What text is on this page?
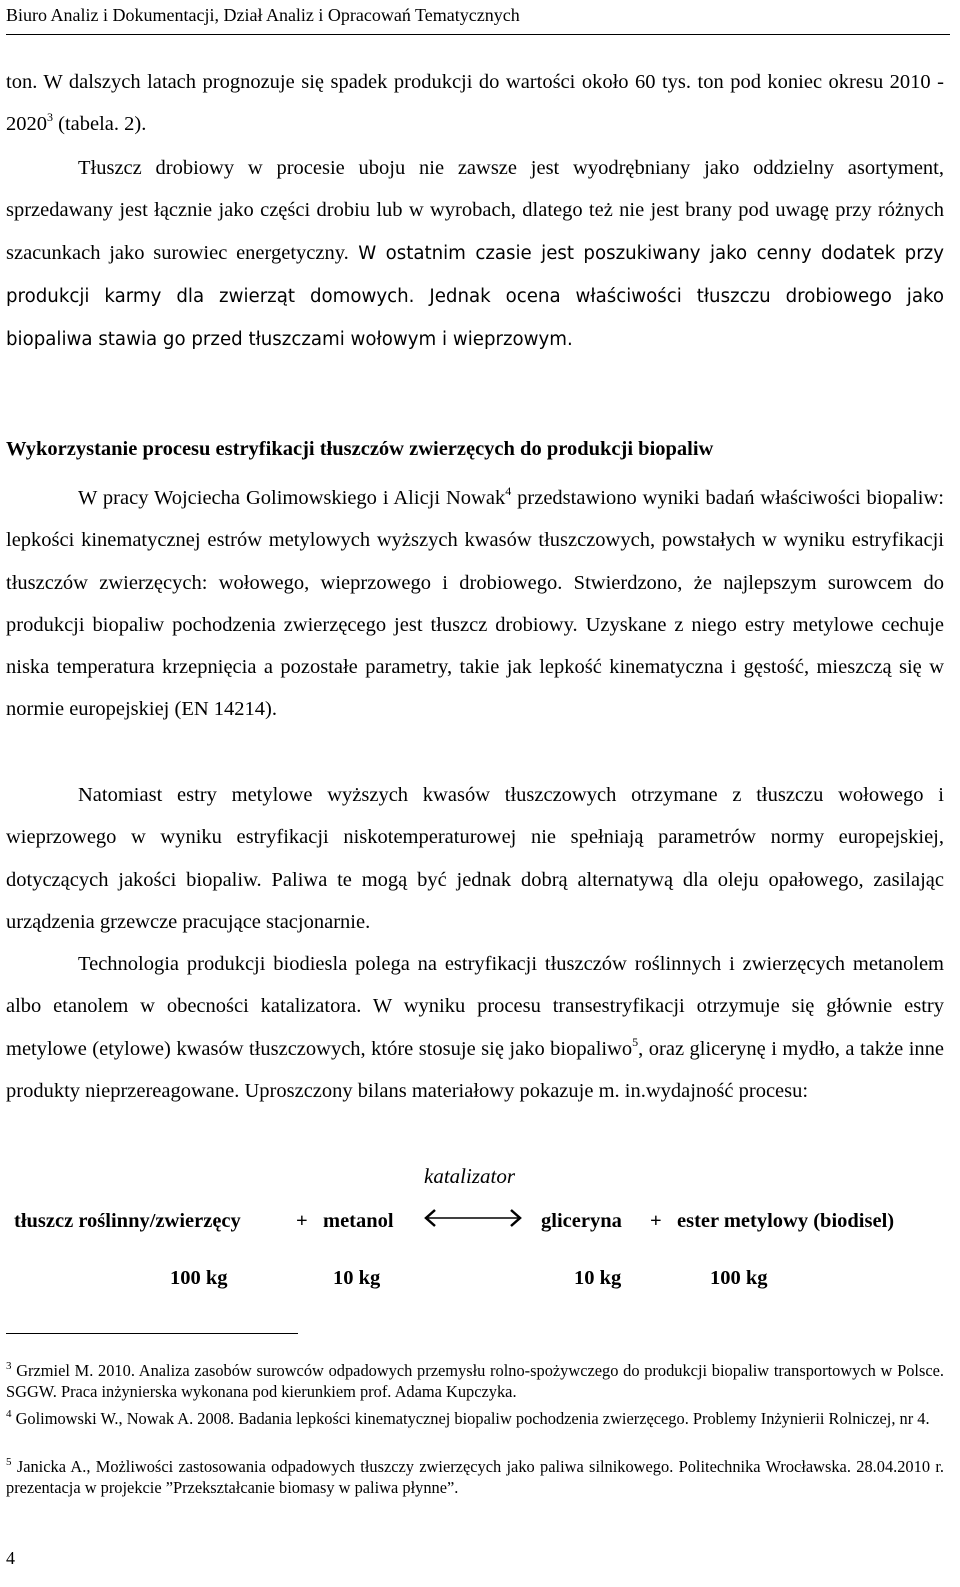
Biuro Analiz i Dokumentacji, Dział Analiz i Opracowań Tematycznych
ton. W dalszych latach prognozuje się spadek produkcji do wartości około 60 tys. ton pod koniec okresu 2010 - 2020$^3$ (tabela. 2).
Tłuszcz drobiowy w procesie uboju nie zawsze jest wyodrębniany jako oddzielny asortyment, sprzedawany jest łącznie jako części drobiu lub w wyrobach, dlatego też nie jest brany pod uwagę przy różnych szacunkach jako surowiec energetyczny. W ostatnim czasie jest poszukiwany jako cenny dodatek przy produkcji karmy dla zwierząt domowych. Jednak ocena właściwości tłuszczu drobiowego jako biopaliwa stawia go przed tłuszczami wołowym i wieprzowym.
Wykorzystanie procesu estryfikacji tłuszczów zwierzęcych do produkcji biopaliw
W pracy Wojciecha Golimowskiego i Alicji Nowak$^4$ przedstawiono wyniki badań właściwości biopaliw: lepkości kinematycznej estrów metylowych wyższych kwasów tłuszczowych, powstałych w wyniku estryfikacji tłuszczów zwierzęcych: wołowego, wieprzowego i drobiowego. Stwierdzono, że najlepszym surowcem do produkcji biopaliw pochodzenia zwierzęcego jest tłuszcz drobiowy. Uzyskane z niego estry metylowe cechuje niska temperatura krzepnięcia a pozostałe parametry, takie jak lepkość kinematyczna i gęstość, mieszczą się w normie europejskiej (EN 14214).
Natomiast estry metylowe wyższych kwasów tłuszczowych otrzymane z tłuszczu wołowego i wieprzowego w wyniku estryfikacji niskotemperaturowej nie spełniają parametrów normy europejskiej, dotyczących jakości biopaliw. Paliwa te mogą być jednak dobrą alternatywą dla oleju opałowego, zasilając urządzenia grzewcze pracujące stacjonarnie.
Technologia produkcji biodiesla polega na estryfikacji tłuszczów roślinnych i zwierzęcych metanolem albo etanolem w obecności katalizatora. W wyniku procesu transestryfikacji otrzymuje się głównie estry metylowe (etylowe) kwasów tłuszczowych, które stosuje się jako biopaliwo$^5$, oraz glicerynę i mydło, a także inne produkty nieprzereagowane. Uproszczony bilans materiałowy pokazuje m. in.wydajność procesu:
katalizator
tłuszcz roślinny/zwierzęcy	+ metanol	gliceryna + ester metylowy (biodisel)
100 kg	10 kg	10 kg	100 kg
$^3$ Grzmiel M. 2010. Analiza zasobów surowców odpadowych przemysłu rolno-spożywczego do produkcji biopaliw transportowych w Polsce. SGGW. Praca inżynierska wykonana pod kierunkiem prof. Adama Kupczyka.
$^4$ Golimowski W., Nowak A. 2008. Badania lepkości kinematycznej biopaliw pochodzenia zwierzęcego. Problemy Inżynierii Rolniczej, nr 4.
$^5$ Janicka A., Możliwości zastosowania odpadowych tłuszczy zwierzęcych jako paliwa silnikowego. Politechnika Wrocławska. 28.04.2010 r. prezentacja w projekcie ”Przekształcanie biomasy w paliwa płynne”.
4
